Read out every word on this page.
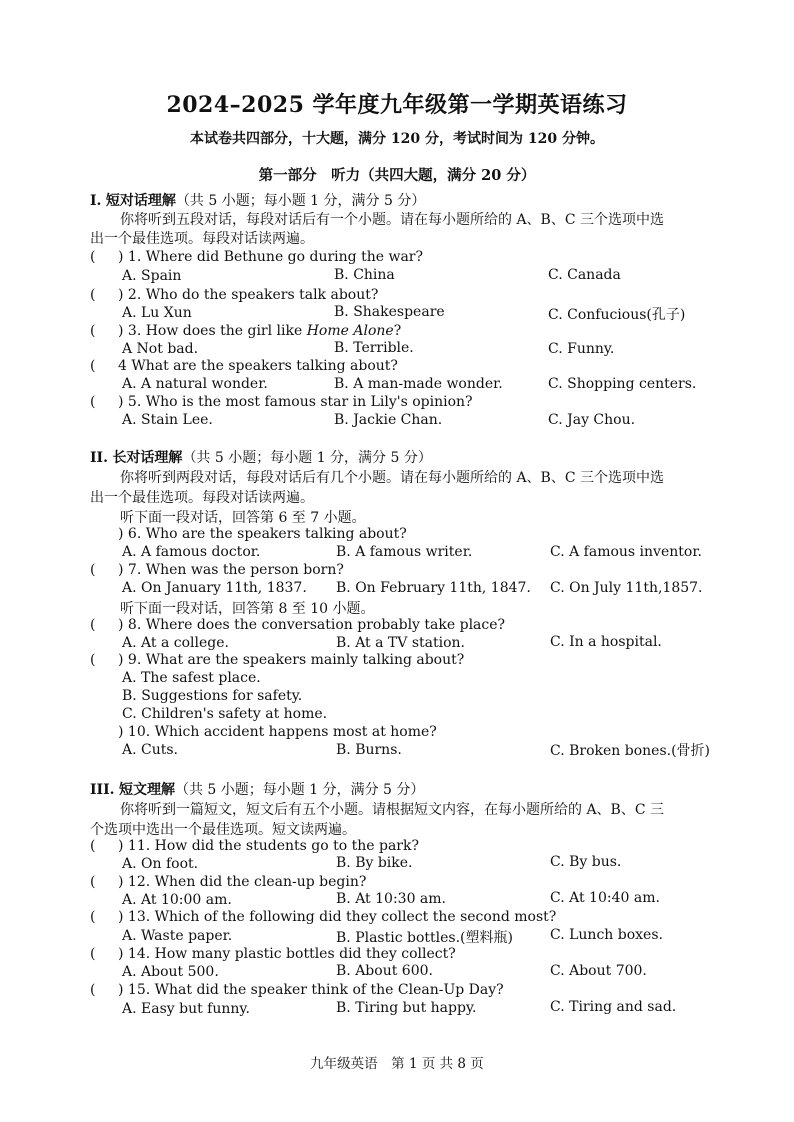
2024–2025 学年度九年级第一学期英语练习
本试卷共四部分，十大题，满分 120 分，考试时间为 120 分钟。
第一部分　听力（共四大题，满分 20 分）
I. 短对话理解（共 5 小题；每小题 1 分，满分 5 分）
你将听到五段对话，每段对话后有一个小题。请在每小题所给的 A、B、C 三个选项中选
出一个最佳选项。每段对话读两遍。
( ) 1. Where did Bethune go during the war?
A. Spain	B. China	C. Canada
( ) 2. Who do the speakers talk about?
A. Lu Xun	B. Shakespeare	C. Confucious(孔子)
( ) 3. How does the girl like Home Alone?
A Not bad.	B. Terrible.	C. Funny.
( 4 What are the speakers talking about?
A. A natural wonder.	B. A man-made wonder.	C. Shopping centers.
( ) 5. Who is the most famous star in Lily's opinion?
A. Stain Lee.	B. Jackie Chan.	C. Jay Chou.
II. 长对话理解（共 5 小题；每小题 1 分，满分 5 分）
你将听到两段对话，每段对话后有几个小题。请在每小题所给的 A、B、C 三个选项中选
出一个最佳选项。每段对话读两遍。
听下面一段对话，回答第 6 至 7 小题。
) 6. Who are the speakers talking about?
A. A famous doctor.	B. A famous writer.	C. A famous inventor.
( ) 7. When was the person born?
A. On January 11th, 1837. B. On February 11th, 1847. C. On July 11th,1857.
听下面一段对话，回答第 8 至 10 小题。
( ) 8. Where does the conversation probably take place?
A. At a college.	B. At a TV station.	C. In a hospital.
( ) 9. What are the speakers mainly talking about?
A. The safest place.
B. Suggestions for safety.
C. Children's safety at home.
) 10. Which accident happens most at home?
A. Cuts.	B. Burns.	C. Broken bones.(骨折)
III. 短文理解（共 5 小题；每小题 1 分，满分 5 分）
你将听到一篇短文，短文后有五个小题。请根据短文内容，在每小题所给的 A、B、C 三
个选项中选出一个最佳选项。短文读两遍。
( ) 11. How did the students go to the park?
A. On foot.	B. By bike.	C. By bus.
( ) 12. When did the clean-up begin?
A. At 10:00 am.	B. At 10:30 am.	C. At 10:40 am.
( ) 13. Which of the following did they collect the second most?
A. Waste paper.	B. Plastic bottles.(塑料瓶)	C. Lunch boxes.
( ) 14. How many plastic bottles did they collect?
A. About 500.	B. About 600.	C. About 700.
( ) 15. What did the speaker think of the Clean-Up Day?
A. Easy but funny.	B. Tiring but happy.	C. Tiring and sad.
九年级英语　第 1 页 共 8 页
